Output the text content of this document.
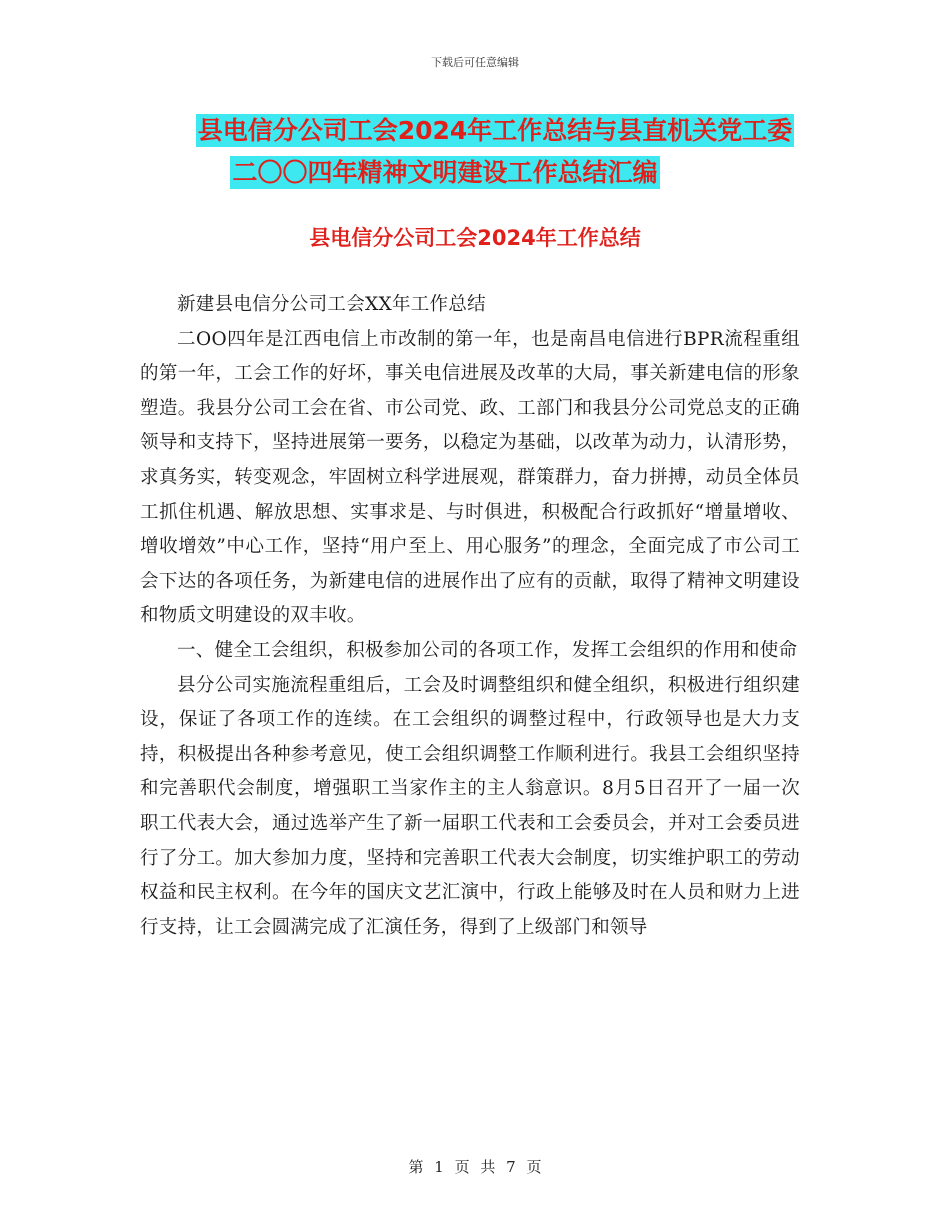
下载后可任意编辑
县电信分公司工会2024年工作总结与县直机关党工委
二〇〇四年精神文明建设工作总结汇编
县电信分公司工会2024年工作总结

新建县电信分公司工会XX年工作总结

二OO四年是江西电信上市改制的第一年，也是南昌电信进行BPR流程重组的第一年，工会工作的好坏，事关电信进展及改革的大局，事关新建电信的形象塑造。我县分公司工会在省、市公司党、政、工部门和我县分公司党总支的正确领导和支持下，坚持进展第一要务，以稳定为基础，以改革为动力，认清形势，求真务实，转变观念，牢固树立科学进展观，群策群力，奋力拼搏，动员全体员工抓住机遇、解放思想、实事求是、与时俱进，积极配合行政抓好“增量增收、增收增效”中心工作，坚持“用户至上、用心服务”的理念，全面完成了市公司工会下达的各项任务，为新建电信的进展作出了应有的贡献，取得了精神文明建设和物质文明建设的双丰收。

一、健全工会组织，积极参加公司的各项工作，发挥工会组织的作用和使命

县分公司实施流程重组后，工会及时调整组织和健全组织，积极进行组织建设，保证了各项工作的连续。在工会组织的调整过程中，行政领导也是大力支持，积极提出各种参考意见，使工会组织调整工作顺利进行。我县工会组织坚持和完善职代会制度，增强职工当家作主的主人翁意识。8月5日召开了一届一次职工代表大会，通过选举产生了新一届职工代表和工会委员会，并对工会委员进行了分工。加大参加力度，坚持和完善职工代表大会制度，切实维护职工的劳动权益和民主权利。在今年的国庆文艺汇演中，行政上能够及时在人员和财力上进行支持，让工会圆满完成了汇演任务，得到了上级部门和领导

第 1 页 共 7 页
